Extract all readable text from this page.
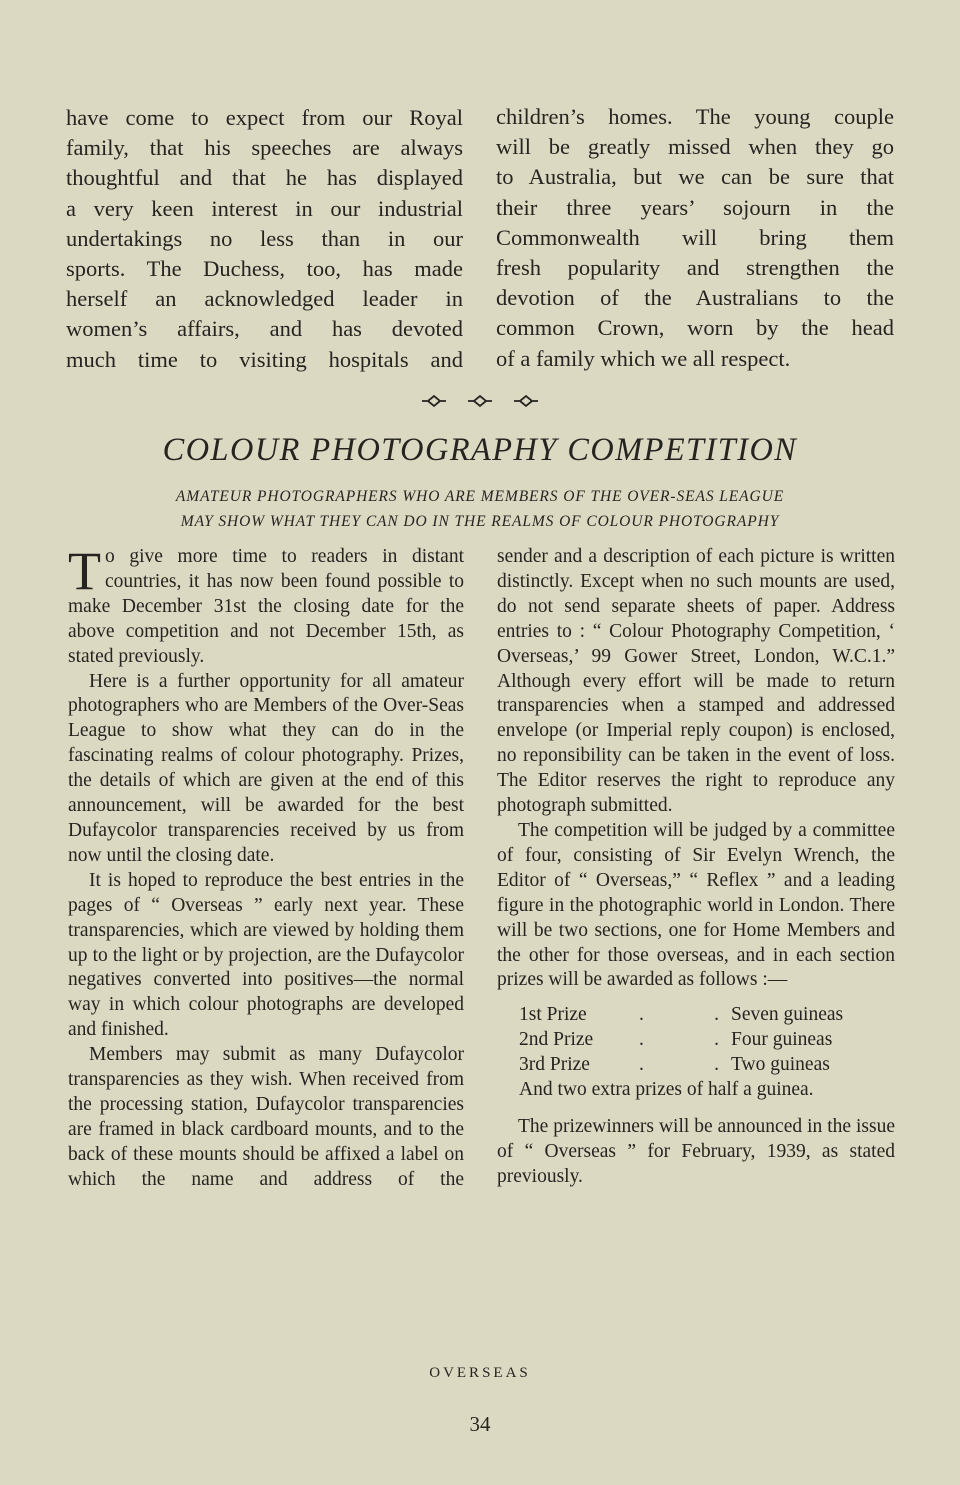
have come to expect from our Royal

family, that his speeches are always

thoughtful and that he has displayed

a very keen interest in our industrial

undertakings no less than in our

sports. The Duchess, too, has made

herself an acknowledged leader in

women’s affairs, and has devoted

much time to visiting hospitals and

children’s homes. The young couple

will be greatly missed when they go

to Australia, but we can be sure that

their three years’ sojourn in the

Commonwealth will bring them

fresh popularity and strengthen the

devotion of the Australians to the

common Crown, worn by the head

of a family which we all respect.

COLOUR PHOTOGRAPHY COMPETITION
AMATEUR PHOTOGRAPHERS WHO ARE MEMBERS OF THE OVER-SEAS LEAGUE
MAY SHOW WHAT THEY CAN DO IN THE REALMS OF COLOUR PHOTOGRAPHY

To give more time to readers in distant countries, it has now been found possible to make December 31st the closing date for the above competition and not December 15th, as stated previously.

Here is a further opportunity for all amateur photographers who are Members of the Over-Seas League to show what they can do in the fascinating realms of colour photography. Prizes, the details of which are given at the end of this announcement, will be awarded for the best Dufaycolor transparencies received by us from now until the closing date.

It is hoped to reproduce the best entries in the pages of “ Overseas ” early next year. These transparencies, which are viewed by holding them up to the light or by projection, are the Dufaycolor negatives converted into positives—the normal way in which colour photographs are developed and finished.

Members may submit as many Dufaycolor transparencies as they wish. When received from the processing station, Dufaycolor transparencies are framed in black cardboard mounts, and to the back of these mounts should be affixed a label on which the name and address of the

sender and a description of each picture is written distinctly. Except when no such mounts are used, do not send separate sheets of paper. Address entries to : “ Colour Photography Competition, ‘ Overseas,’ 99 Gower Street, London, W.C.1.” Although every effort will be made to return transparencies when a stamped and addressed envelope (or Imperial reply coupon) is enclosed, no reponsibility can be taken in the event of loss. The Editor reserves the right to reproduce any photograph submitted.

The competition will be judged by a committee of four, consisting of Sir Evelyn Wrench, the Editor of “ Overseas,” “ Reflex ” and a leading figure in the photographic world in London. There will be two sections, one for Home Members and the other for those overseas, and in each section prizes will be awarded as follows :—

1st Prize	.	. Seven guineas
2nd Prize	.	. Four guineas
3rd Prize	.	. Two guineas
And two extra prizes of half a guinea.

The prizewinners will be announced in the issue of “ Overseas ” for February, 1939, as stated previously.

OVERSEAS
34
